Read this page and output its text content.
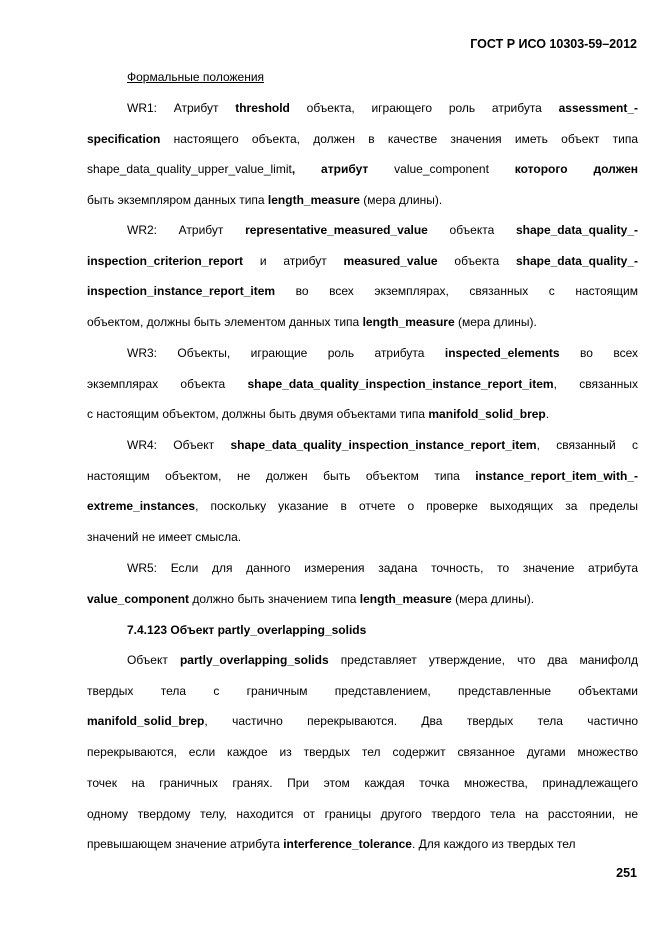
ГОСТ Р ИСО 10303-59–2012
Формальные положения
WR1: Атрибут threshold объекта, играющего роль атрибута assessment_-
specification настоящего объекта, должен в качестве значения иметь объект типа
shape_data_quality_upper_value_limit, атрибут value_component которого должен
быть экземпляром данных типа length_measure (мера длины).
WR2: Атрибут representative_measured_value объекта shape_data_quality_-
inspection_criterion_report и атрибут measured_value объекта shape_data_quality_-
inspection_instance_report_item во всех экземплярах, связанных с настоящим
объектом, должны быть элементом данных типа length_measure (мера длины).
WR3: Объекты, играющие роль атрибута inspected_elements во всех
экземплярах объекта shape_data_quality_inspection_instance_report_item, связанных
с настоящим объектом, должны быть двумя объектами типа manifold_solid_brep.
WR4: Объект shape_data_quality_inspection_instance_report_item, связанный с
настоящим объектом, не должен быть объектом типа instance_report_item_with_-
extreme_instances, поскольку указание в отчете о проверке выходящих за пределы
значений не имеет смысла.
WR5: Если для данного измерения задана точность, то значение атрибута
value_component должно быть значением типа length_measure (мера длины).
7.4.123 Объект partly_overlapping_solids
Объект partly_overlapping_solids представляет утверждение, что два манифолд
твердых тела с граничным представлением, представленные объектами
manifold_solid_brep, частично перекрываются. Два твердых тела частично
перекрываются, если каждое из твердых тел содержит связанное дугами множество
точек на граничных гранях. При этом каждая точка множества, принадлежащего
одному твердому телу, находится от границы другого твердого тела на расстоянии, не
превышающем значение атрибута interference_tolerance. Для каждого из твердых тел
251
